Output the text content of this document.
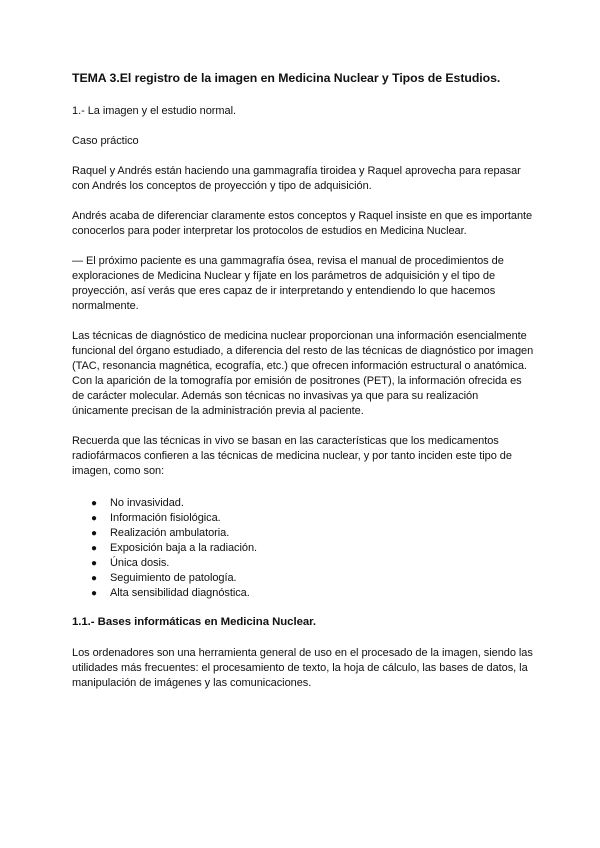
TEMA 3.El registro de la imagen en Medicina Nuclear y Tipos de Estudios.
1.- La imagen y el estudio normal.
Caso práctico
Raquel y Andrés están haciendo una gammagrafía tiroidea y Raquel aprovecha para repasar con Andrés los conceptos de proyección y tipo de adquisición.
Andrés acaba de diferenciar claramente estos conceptos y Raquel insiste en que es importante conocerlos para poder interpretar los protocolos de estudios en Medicina Nuclear.
— El próximo paciente es una gammagrafía ósea, revisa el manual de procedimientos de exploraciones de Medicina Nuclear y fíjate en los parámetros de adquisición y el tipo de proyección, así verás que eres capaz de ir interpretando y entendiendo lo que hacemos normalmente.
Las técnicas de diagnóstico de medicina nuclear proporcionan una información esencialmente funcional del órgano estudiado, a diferencia del resto de las técnicas de diagnóstico por imagen (TAC, resonancia magnética, ecografía, etc.) que ofrecen información estructural o anatómica. Con la aparición de la tomografía por emisión de positrones (PET), la información ofrecida es de carácter molecular. Además son técnicas no invasivas ya que para su realización únicamente precisan de la administración previa al paciente.
Recuerda que las técnicas in vivo se basan en las características que los medicamentos radiofármacos confieren a las técnicas de medicina nuclear, y por tanto inciden este tipo de imagen, como son:
● No invasividad.
● Información fisiológica.
● Realización ambulatoria.
● Exposición baja a la radiación.
● Única dosis.
● Seguimiento de patología.
● Alta sensibilidad diagnóstica.
1.1.- Bases informáticas en Medicina Nuclear.
Los ordenadores son una herramienta general de uso en el procesado de la imagen, siendo las utilidades más frecuentes: el procesamiento de texto, la hoja de cálculo, las bases de datos, la manipulación de imágenes y las comunicaciones.
